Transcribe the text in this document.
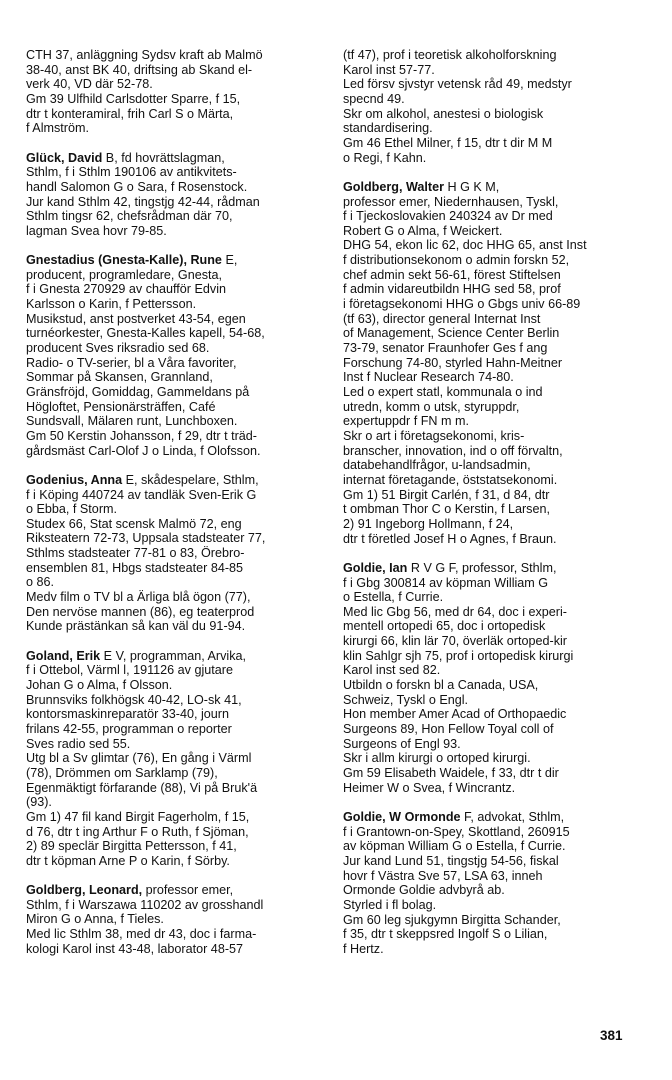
CTH 37, anläggning Sydsv kraft ab Malmö
38-40, anst BK 40, driftsing ab Skand el-
verk 40, VD där 52-78.
Gm 39 Ulfhild Carlsdotter Sparre, f 15,
dtr t konteramiral, frih Carl S o Märta,
f Almström.
Glück, David B, fd hovrättslagman,
Sthlm, f i Sthlm 190106 av antikvitets-
handl Salomon G o Sara, f Rosenstock.
Jur kand Sthlm 42, tingstjg 42-44, rådman
Sthlm tingsr 62, chefsrådman där 70,
lagman Svea hovr 79-85.
Gnestadius (Gnesta-Kalle), Rune E,
producent, programledare, Gnesta,
f i Gnesta 270929 av chaufför Edvin
Karlsson o Karin, f Pettersson.
Musikstud, anst postverket 43-54, egen
turnéorkester, Gnesta-Kalles kapell, 54-68,
producent Sves riksradio sed 68.
Radio- o TV-serier, bl a Våra favoriter,
Sommar på Skansen, Grannland,
Gränsfröjd, Gomiddag, Gammeldans på
Högloftet, Pensionärsträffen, Café
Sundsvall, Mälaren runt, Lunchboxen.
Gm 50 Kerstin Johansson, f 29, dtr t träd-
gårdsmäst Carl-Olof J o Linda, f Olofsson.
Godenius, Anna E, skådespelare, Sthlm,
f i Köping 440724 av tandläk Sven-Erik G
o Ebba, f Storm.
Studex 66, Stat scensk Malmö 72, eng
Riksteatern 72-73, Uppsala stadsteater 77,
Sthlms stadsteater 77-81 o 83, Örebro-
ensemblen 81, Hbgs stadsteater 84-85
o 86.
Medv film o TV bl a Ärliga blå ögon (77),
Den nervöse mannen (86), eg teaterprod
Kunde prästänkan så kan väl du 91-94.
Goland, Erik E V, programman, Arvika,
f i Ottebol, Värml l, 191126 av gjutare
Johan G o Alma, f Olsson.
Brunnsviks folkhögsk 40-42, LO-sk 41,
kontorsmaskinreparatör 33-40, journ
frilans 42-55, programman o reporter
Sves radio sed 55.
Utg bl a Sv glimtar (76), En gång i Värml
(78), Drömmen om Sarklamp (79),
Egenmäktigt förfarande (88), Vi på Bruk'ä
(93).
Gm 1) 47 fil kand Birgit Fagerholm, f 15,
d 76, dtr t ing Arthur F o Ruth, f Sjöman,
2) 89 speclär Birgitta Pettersson, f 41,
dtr t köpman Arne P o Karin, f Sörby.
Goldberg, Leonard, professor emer,
Sthlm, f i Warszawa 110202 av grosshandl
Miron G o Anna, f Tieles.
Med lic Sthlm 38, med dr 43, doc i farma-
kologi Karol inst 43-48, laborator 48-57
(tf 47), prof i teoretisk alkoholforskning
Karol inst 57-77.
Led försv sjvstyr vetensk råd 49, medstyr
specnd 49.
Skr om alkohol, anestesi o biologisk
standardisering.
Gm 46 Ethel Milner, f 15, dtr t dir M M
o Regi, f Kahn.
Goldberg, Walter H G K M,
professor emer, Niedernhausen, Tyskl,
f i Tjeckoslovakien 240324 av Dr med
Robert G o Alma, f Weickert.
DHG 54, ekon lic 62, doc HHG 65, anst Inst
f distributionsekonom o admin forskn 52,
chef admin sekt 56-61, förest Stiftelsen
f admin vidareutbildn HHG sed 58, prof
i företagsekonomi HHG o Gbgs univ 66-89
(tf 63), director general Internat Inst
of Management, Science Center Berlin
73-79, senator Fraunhofer Ges f ang
Forschung 74-80, styrled Hahn-Meitner
Inst f Nuclear Research 74-80.
Led o expert statl, kommunala o ind
utredn, komm o utsk, styruppdr,
expertuppdr f FN m m.
Skr o art i företagsekonomi, kris-
branscher, innovation, ind o off förvaltn,
databehandlfrågor, u-landsadmin,
internat företagande, öststatsekonomi.
Gm 1) 51 Birgit Carlén, f 31, d 84, dtr
t ombman Thor C o Kerstin, f Larsen,
2) 91 Ingeborg Hollmann, f 24,
dtr t företled Josef H o Agnes, f Braun.
Goldie, Ian R V G F, professor, Sthlm,
f i Gbg 300814 av köpman William G
o Estella, f Currie.
Med lic Gbg 56, med dr 64, doc i experi-
mentell ortopedi 65, doc i ortopedisk
kirurgi 66, klin lär 70, överläk ortoped-kir
klin Sahlgr sjh 75, prof i ortopedisk kirurgi
Karol inst sed 82.
Utbildn o forskn bl a Canada, USA,
Schweiz, Tyskl o Engl.
Hon member Amer Acad of Orthopaedic
Surgeons 89, Hon Fellow Toyal coll of
Surgeons of Engl 93.
Skr i allm kirurgi o ortoped kirurgi.
Gm 59 Elisabeth Waidele, f 33, dtr t dir
Heimer W o Svea, f Wincrantz.
Goldie, W Ormonde F, advokat, Sthlm,
f i Grantown-on-Spey, Skottland, 260915
av köpman William G o Estella, f Currie.
Jur kand Lund 51, tingstjg 54-56, fiskal
hovr f Västra Sve 57, LSA 63, inneh
Ormonde Goldie advbyrå ab.
Styrled i fl bolag.
Gm 60 leg sjukgymn Birgitta Schander,
f 35, dtr t skeppsred Ingolf S o Lilian,
f Hertz.
381
